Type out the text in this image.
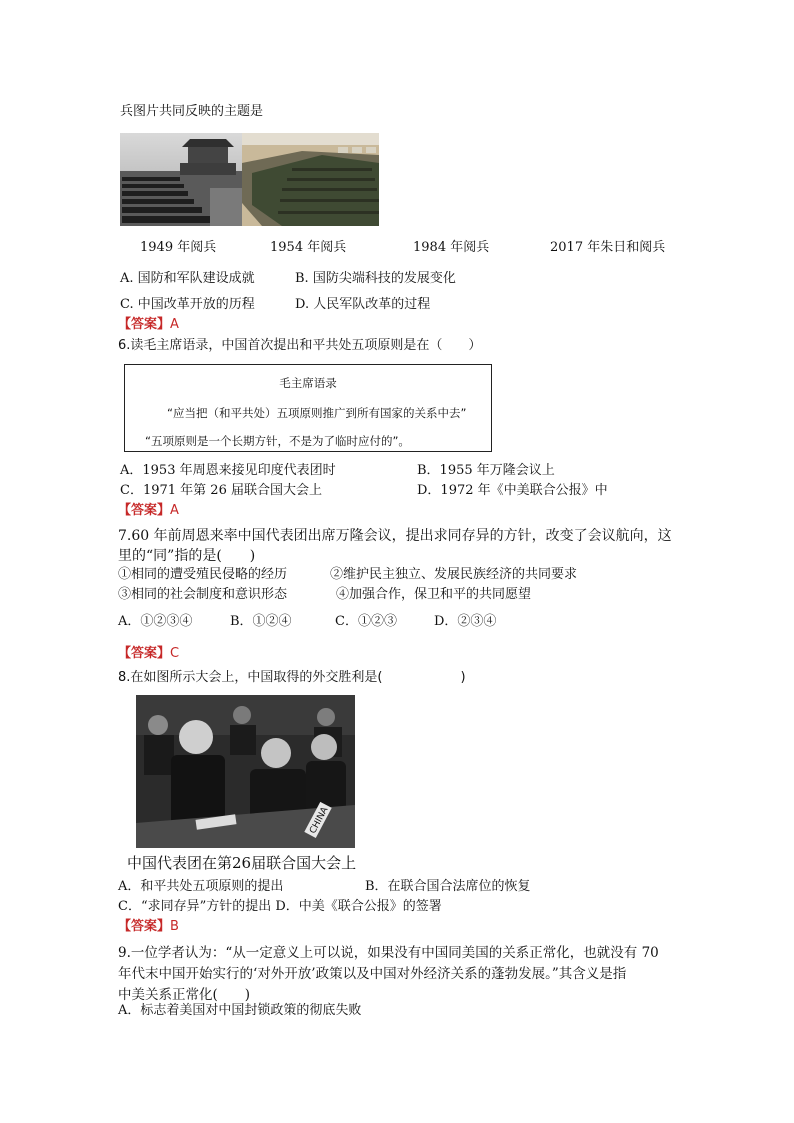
兵图片共同反映的主题是
1949 年阅兵	1954 年阅兵	1984 年阅兵	2017 年朱日和阅兵
A. 国防和军队建设成就	B. 国防尖端科技的发展变化
C. 中国改革开放的历程	D. 人民军队改革的过程
【答案】A
6.读毛主席语录，中国首次提出和平共处五项原则是在（　　）
毛主席语录
“应当把（和平共处）五项原则推广到所有国家的关系中去”
“五项原则是一个长期方针，不是为了临时应付的”。
A．1953 年周恩来接见印度代表团时	B．1955 年万隆会议上
C．1971 年第 26 届联合国大会上	D．1972 年《中美联合公报》中
【答案】A
7.60 年前周恩来率中国代表团出席万隆会议，提出求同存异的方针，改变了会议航向，这
里的“同”指的是(　　)
①相同的遭受殖民侵略的经历	②维护民主独立、发展民族经济的共同要求
③相同的社会制度和意识形态	④加强合作，保卫和平的共同愿望
A．①②③④	B．①②④	C．①②③	D．②③④
【答案】C
8.在如图所示大会上，中国取得的外交胜利是(　　　　　　)
CHINA
中国代表团在第26届联合国大会上
A．和平共处五项原则的提出	B．在联合国合法席位的恢复
C．“求同存异”方针的提出 D．中美《联合公报》的签署
【答案】B
9.一位学者认为：“从一定意义上可以说，如果没有中国同美国的关系正常化，也就没有 70
年代末中国开始实行的‘对外开放’政策以及中国对外经济关系的蓬勃发展。”其含义是指
中美关系正常化(　　)
A．标志着美国对中国封锁政策的彻底失败
